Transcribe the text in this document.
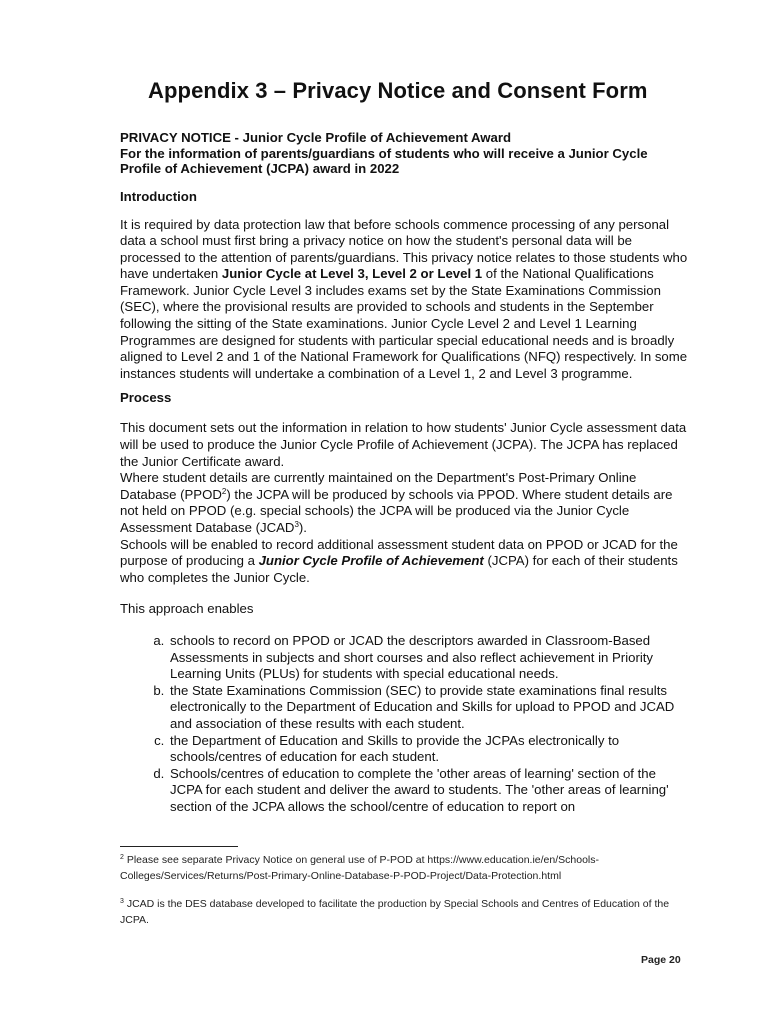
Appendix 3 – Privacy Notice and Consent Form
PRIVACY NOTICE - Junior Cycle Profile of Achievement Award
For the information of parents/guardians of students who will receive a Junior Cycle Profile of Achievement (JCPA) award in 2022
Introduction

It is required by data protection law that before schools commence processing of any personal data a school must first bring a privacy notice on how the student's personal data will be processed to the attention of parents/guardians. This privacy notice relates to those students who have undertaken Junior Cycle at Level 3, Level 2 or Level 1 of the National Qualifications Framework. Junior Cycle Level 3 includes exams set by the State Examinations Commission (SEC), where the provisional results are provided to schools and students in the September following the sitting of the State examinations. Junior Cycle Level 2 and Level 1 Learning Programmes are designed for students with particular special educational needs and is broadly aligned to Level 2 and 1 of the National Framework for Qualifications (NFQ) respectively. In some instances students will undertake a combination of a Level 1, 2 and Level 3 programme.

Process

This document sets out the information in relation to how students' Junior Cycle assessment data will be used to produce the Junior Cycle Profile of Achievement (JCPA). The JCPA has replaced the Junior Certificate award.

Where student details are currently maintained on the Department's Post-Primary Online Database (PPOD$^2$) the JCPA will be produced by schools via PPOD. Where student details are not held on PPOD (e.g. special schools) the JCPA will be produced via the Junior Cycle Assessment Database (JCAD$^3$).

Schools will be enabled to record additional assessment student data on PPOD or JCAD for the purpose of producing a Junior Cycle Profile of Achievement (JCPA) for each of their students who completes the Junior Cycle.

This approach enables

a. schools to record on PPOD or JCAD the descriptors awarded in Classroom-Based Assessments in subjects and short courses and also reflect achievement in Priority Learning Units (PLUs) for students with special educational needs.
b. the State Examinations Commission (SEC) to provide state examinations final results electronically to the Department of Education and Skills for upload to PPOD and JCAD and association of these results with each student.
c. the Department of Education and Skills to provide the JCPAs electronically to schools/centres of education for each student.
d. Schools/centres of education to complete the 'other areas of learning' section of the JCPA for each student and deliver the award to students. The 'other areas of learning' section of the JCPA allows the school/centre of education to report on
$^2$ Please see separate Privacy Notice on general use of P-POD at https://www.education.ie/en/Schools-Colleges/Services/Returns/Post-Primary-Online-Database-P-POD-Project/Data-Protection.html
$^3$ JCAD is the DES database developed to facilitate the production by Special Schools and Centres of Education of the JCPA.
Page 20
